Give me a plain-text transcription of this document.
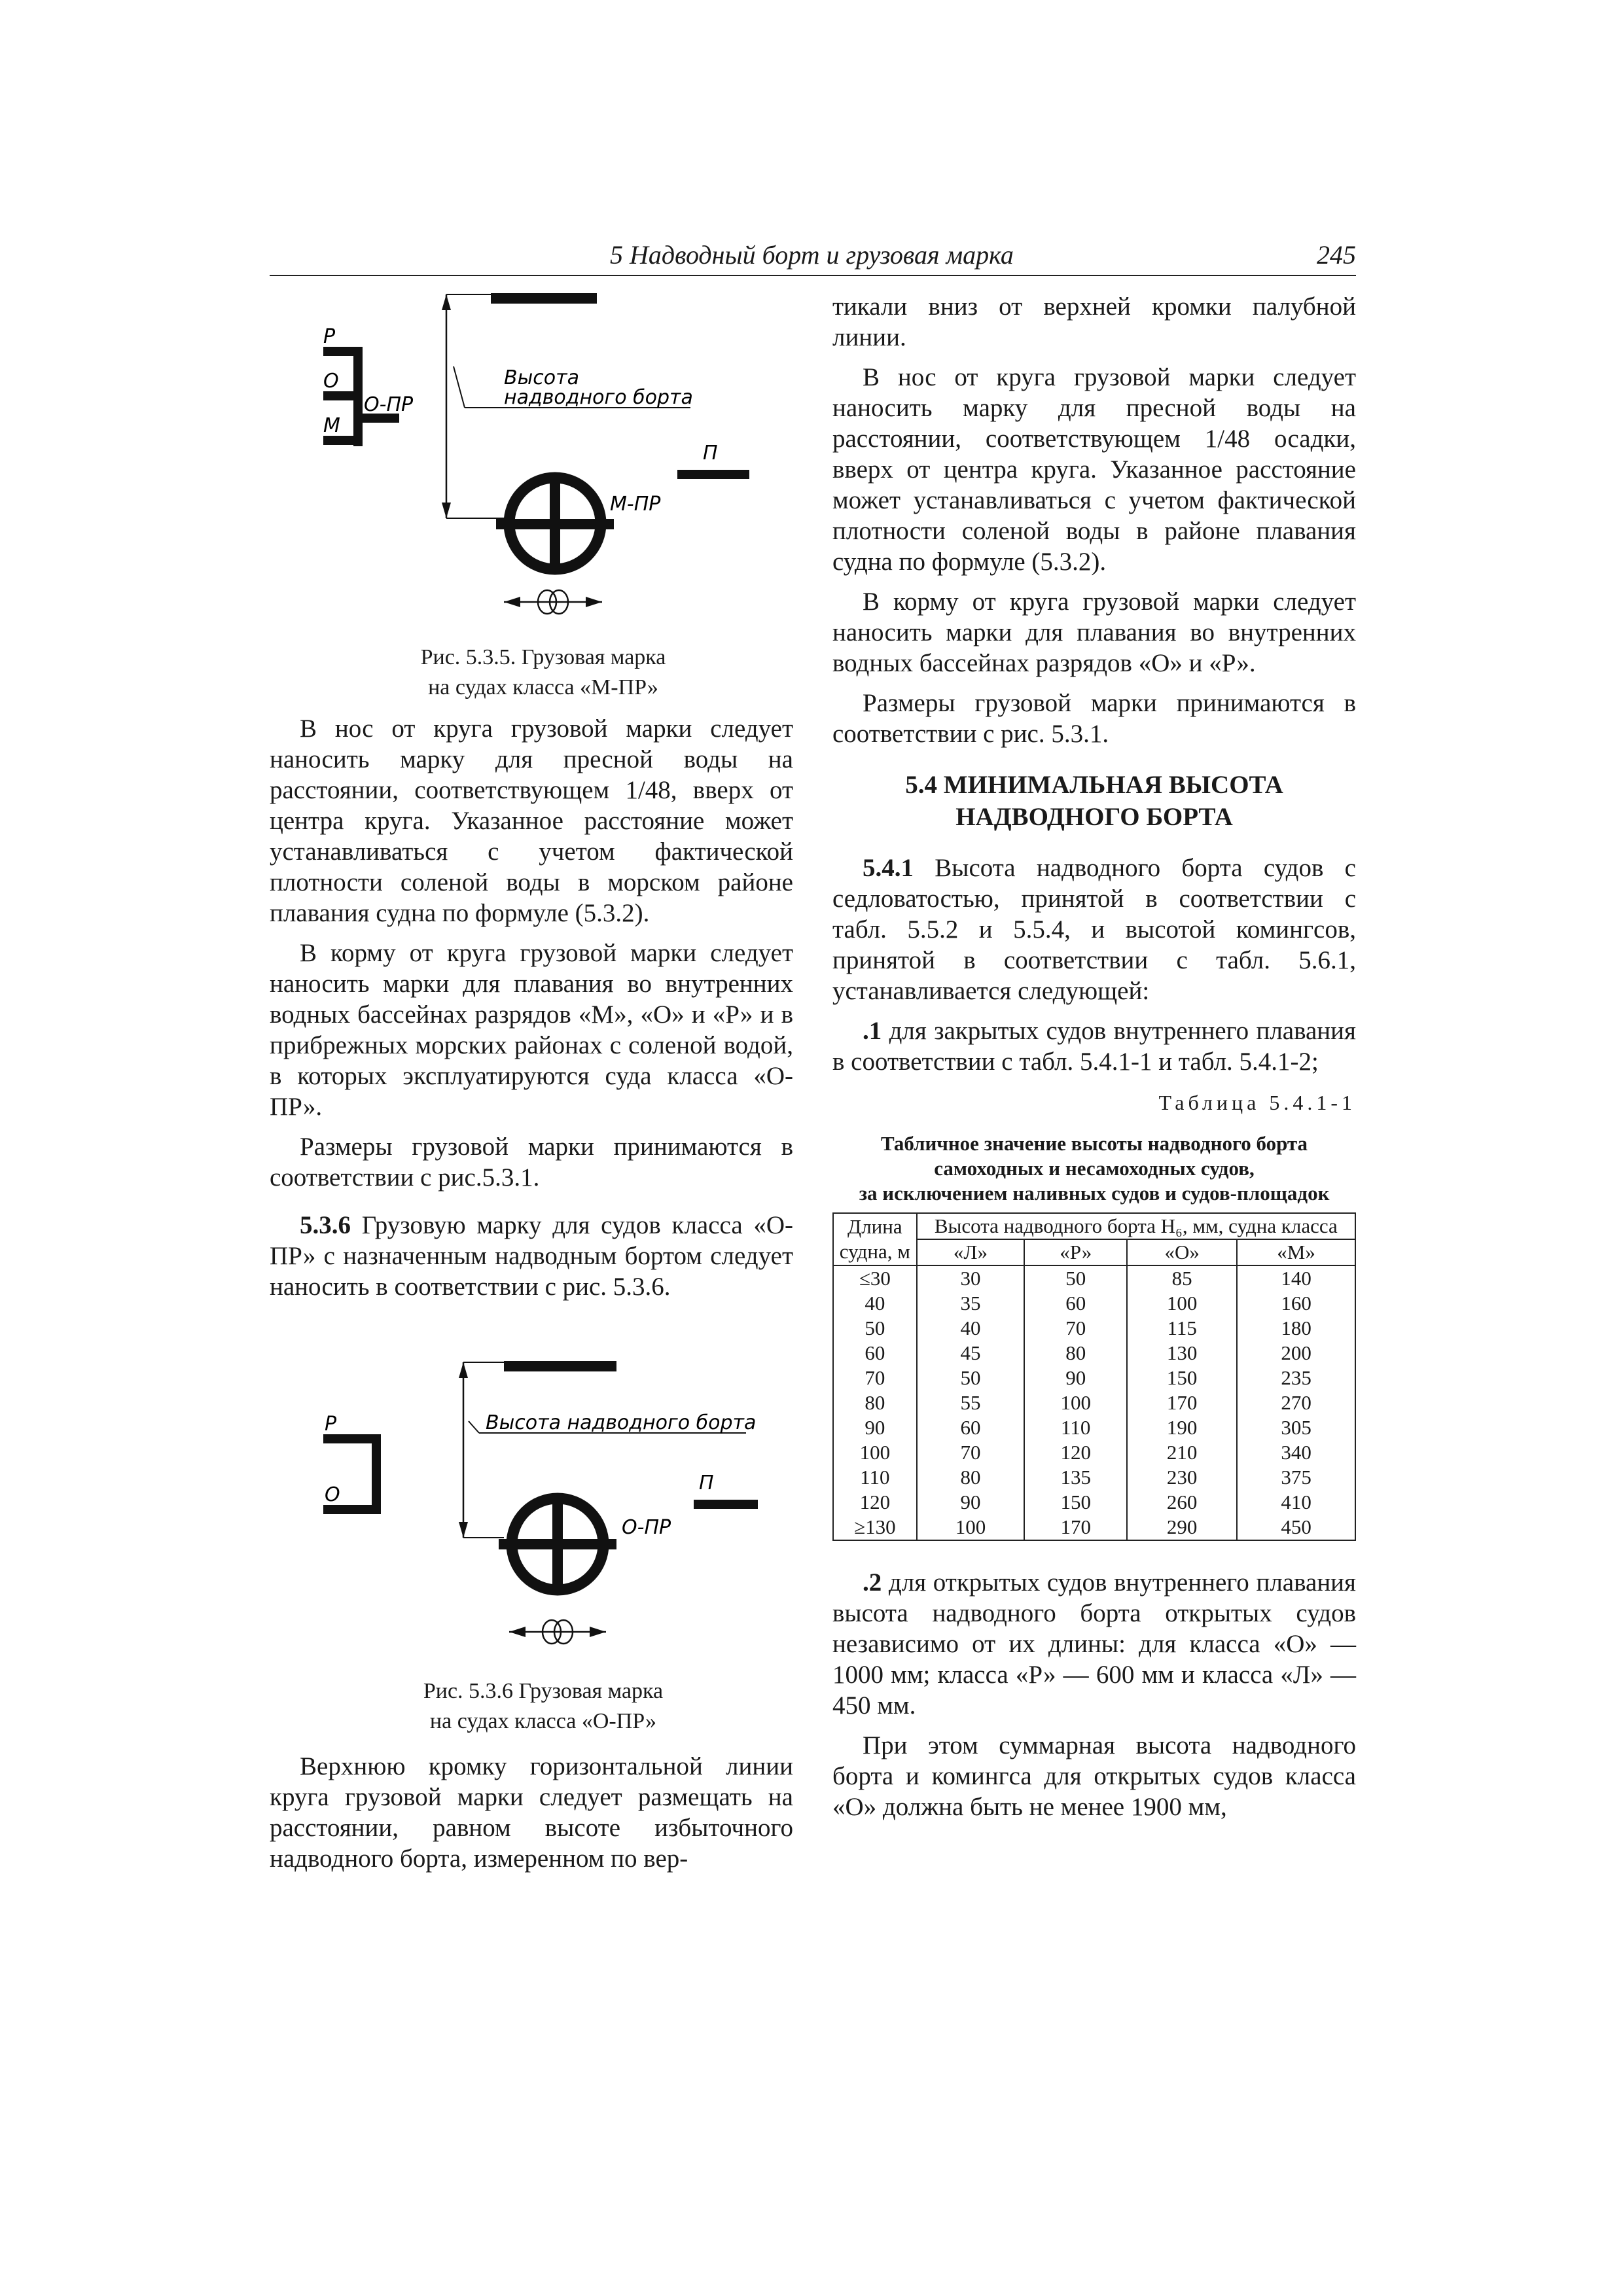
5 Надводный борт и грузовая марка	245
Высота
надводного борта
Р
О
М
О-ПР
П
М-ПР
Рис. 5.3.5. Грузовая марка
на судах класса «М-ПР»

В нос от круга грузовой марки следует наносить марку для пресной воды на расстоянии, соответствующем 1/48, вверх от центра круга. Указанное расстояние может устанавливаться с учетом фактической плотности соленой воды в морском районе плавания судна по формуле (5.3.2).

В корму от круга грузовой марки следует наносить марки для плавания во внутренних водных бассейнах разрядов «М», «О» и «Р» и в прибрежных морских районах с соленой водой, в которых эксплуатируются суда класса «О-ПР».

Размеры грузовой марки принимаются в соответствии с рис.5.3.1.

5.3.6 Грузовую марку для судов класса «О-ПР» с назначенным надводным бортом следует наносить в соответствии с рис. 5.3.6.

Высота надводного борта
Р
О
П
О-ПР
Рис. 5.3.6 Грузовая марка
на судах класса «О-ПР»

Верхнюю кромку горизонтальной линии круга грузовой марки следует размещать на расстоянии, равном высоте избыточного надводного борта, измеренном по вер-

тикали вниз от верхней кромки палубной линии.

В нос от круга грузовой марки следует наносить марку для пресной воды на расстоянии, соответствующем 1/48 осадки, вверх от центра круга. Указанное расстояние может устанавливаться с учетом фактической плотности соленой воды в районе плавания судна по формуле (5.3.2).

В корму от круга грузовой марки следует наносить марки для плавания во внутренних водных бассейнах разрядов «О» и «Р».

Размеры грузовой марки принимаются в соответствии с рис. 5.3.1.

5.4 МИНИМАЛЬНАЯ ВЫСОТА
НАДВОДНОГО БОРТА

5.4.1 Высота надводного борта судов с седловатостью, принятой в соответствии с табл. 5.5.2 и 5.5.4, и высотой комингсов, принятой в соответствии с табл. 5.6.1, устанавливается следующей:

.1 для закрытых судов внутреннего плавания в соответствии с табл. 5.4.1-1 и табл. 5.4.1-2;

Таблица 5.4.1-1
Табличное значение высоты надводного борта
самоходных и несамоходных судов,
за исключением наливных судов и судов-площадок
Длина
судна, м	Высота надводного борта H₆, мм, судна класса			
	«Л»	«Р»	«О»	«М»
≤30	30	50	85	140
40	35	60	100	160
50	40	70	115	180
60	45	80	130	200
70	50	90	150	235
80	55	100	170	270
90	60	110	190	305
100	70	120	210	340
110	80	135	230	375
120	90	150	260	410
≥130	100	170	290	450

.2 для открытых судов внутреннего плавания высота надводного борта открытых судов независимо от их длины: для класса «О» — 1000 мм; класса «Р» — 600 мм и класса «Л» — 450 мм.

При этом суммарная высота надводного борта и комингса для открытых судов класса «О» должна быть не менее 1900 мм,
